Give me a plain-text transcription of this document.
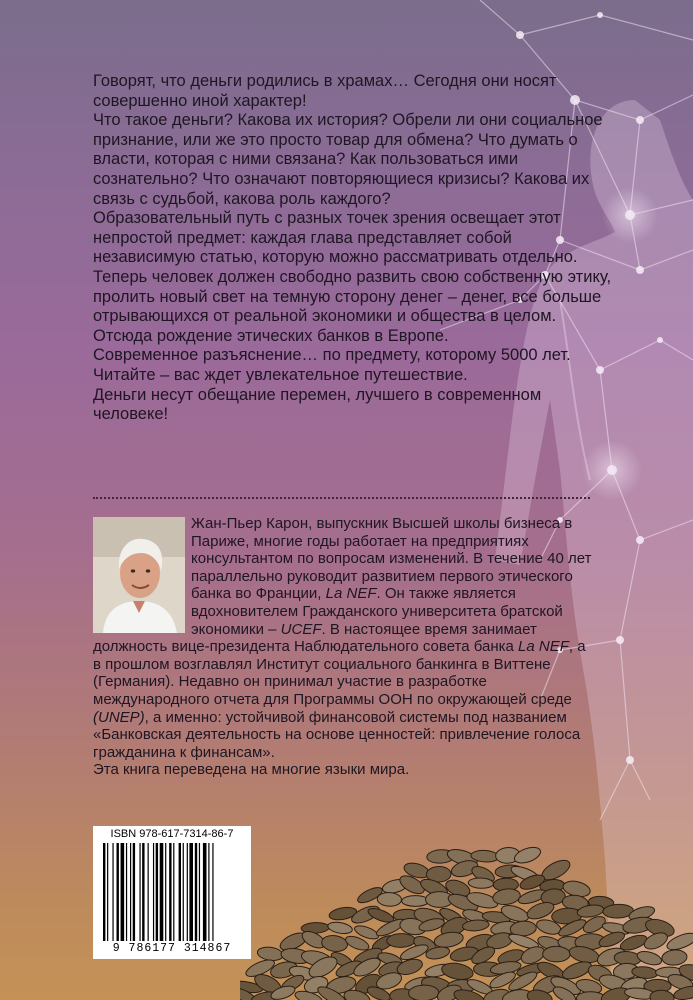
Говорят, что деньги родились в храмах… Сегодня они носят совершенно иной характер!

Что такое деньги? Какова их история? Обрели ли они социальное признание, или же это просто товар для обмена? Что думать о власти, которая с ними связана? Как пользоваться ими сознательно? Что означают повторяющиеся кризисы? Какова их связь с судьбой, какова роль каждого?

Образовательный путь с разных точек зрения освещает этот непростой предмет: каждая глава представляет собой независимую статью, которую можно рассматривать отдельно.

Теперь человек должен свободно развить свою собственную этику, пролить новый свет на темную сторону денег – денег, все больше отрывающихся от реальной экономики и общества в целом. Отсюда рождение этических банков в Европе.

Современное разъяснение… по предмету, которому 5000 лет. Читайте – вас ждет увлекательное путешествие.

Деньги несут обещание перемен, лучшего в современном человеке!

Жан-Пьер Карон, выпускник Высшей школы бизнеса в Париже, многие годы работает на предприятиях консультантом по вопросам изменений. В течение 40 лет параллельно руководит развитием первого этического банка во Франции, La NEF. Он также является вдохновителем Гражданского университета братской экономики – UCEF. В настоящее время занимает должность вице-президента Наблюдательного совета банка La NEF, а в прошлом возглавлял Институт социального банкинга в Виттене (Германия). Недавно он принимал участие в разработке международного отчета для Программы ООН по окружающей среде (UNEP), а именно: устойчивой финансовой системы под названием «Банковская деятельность на основе ценностей: привлечение голоса гражданина к финансам».

Эта книга переведена на многие языки мира.

ISBN 978-617-7314-86-7
9 786177 314867
